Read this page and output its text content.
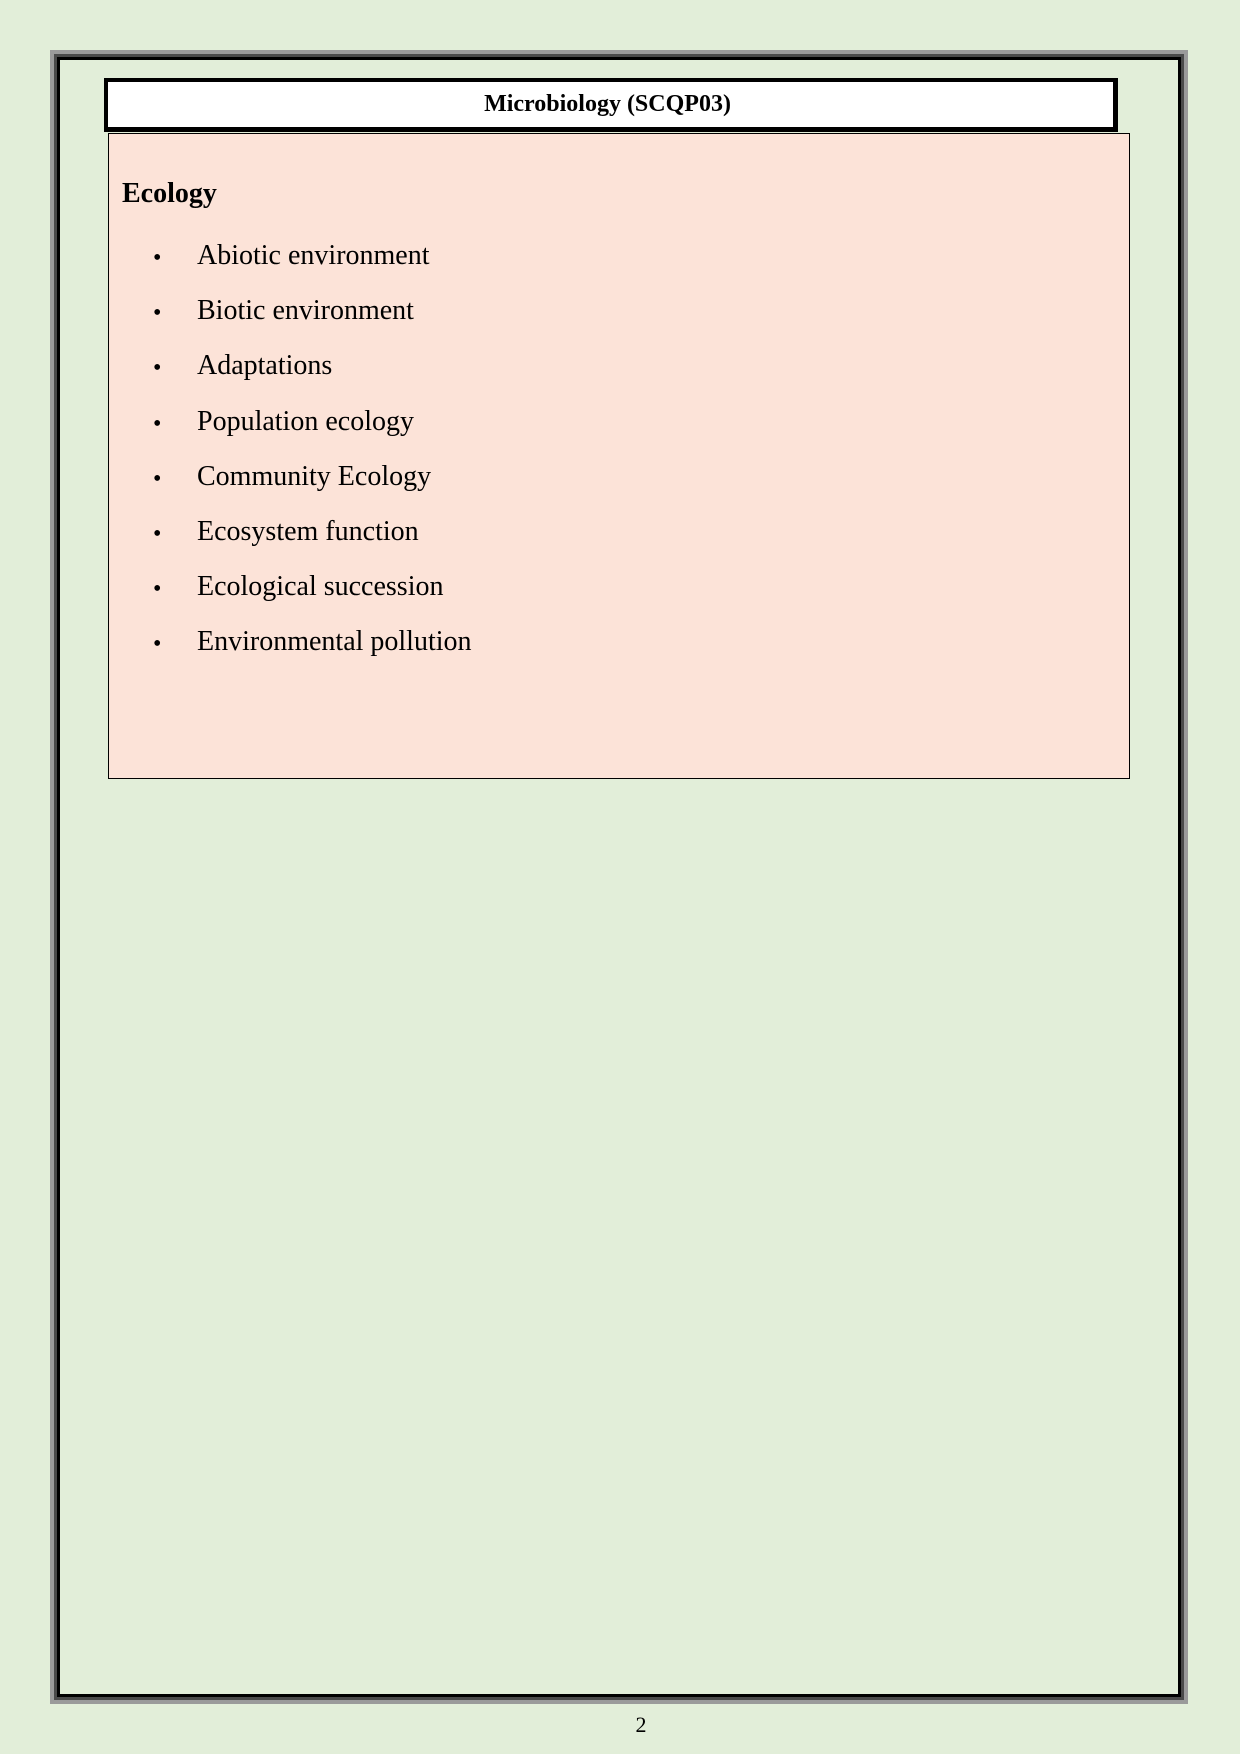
Microbiology (SCQP03)
Ecology
• Abiotic environment
• Biotic environment
• Adaptations
• Population ecology
• Community Ecology
• Ecosystem function
• Ecological succession
• Environmental pollution
2
